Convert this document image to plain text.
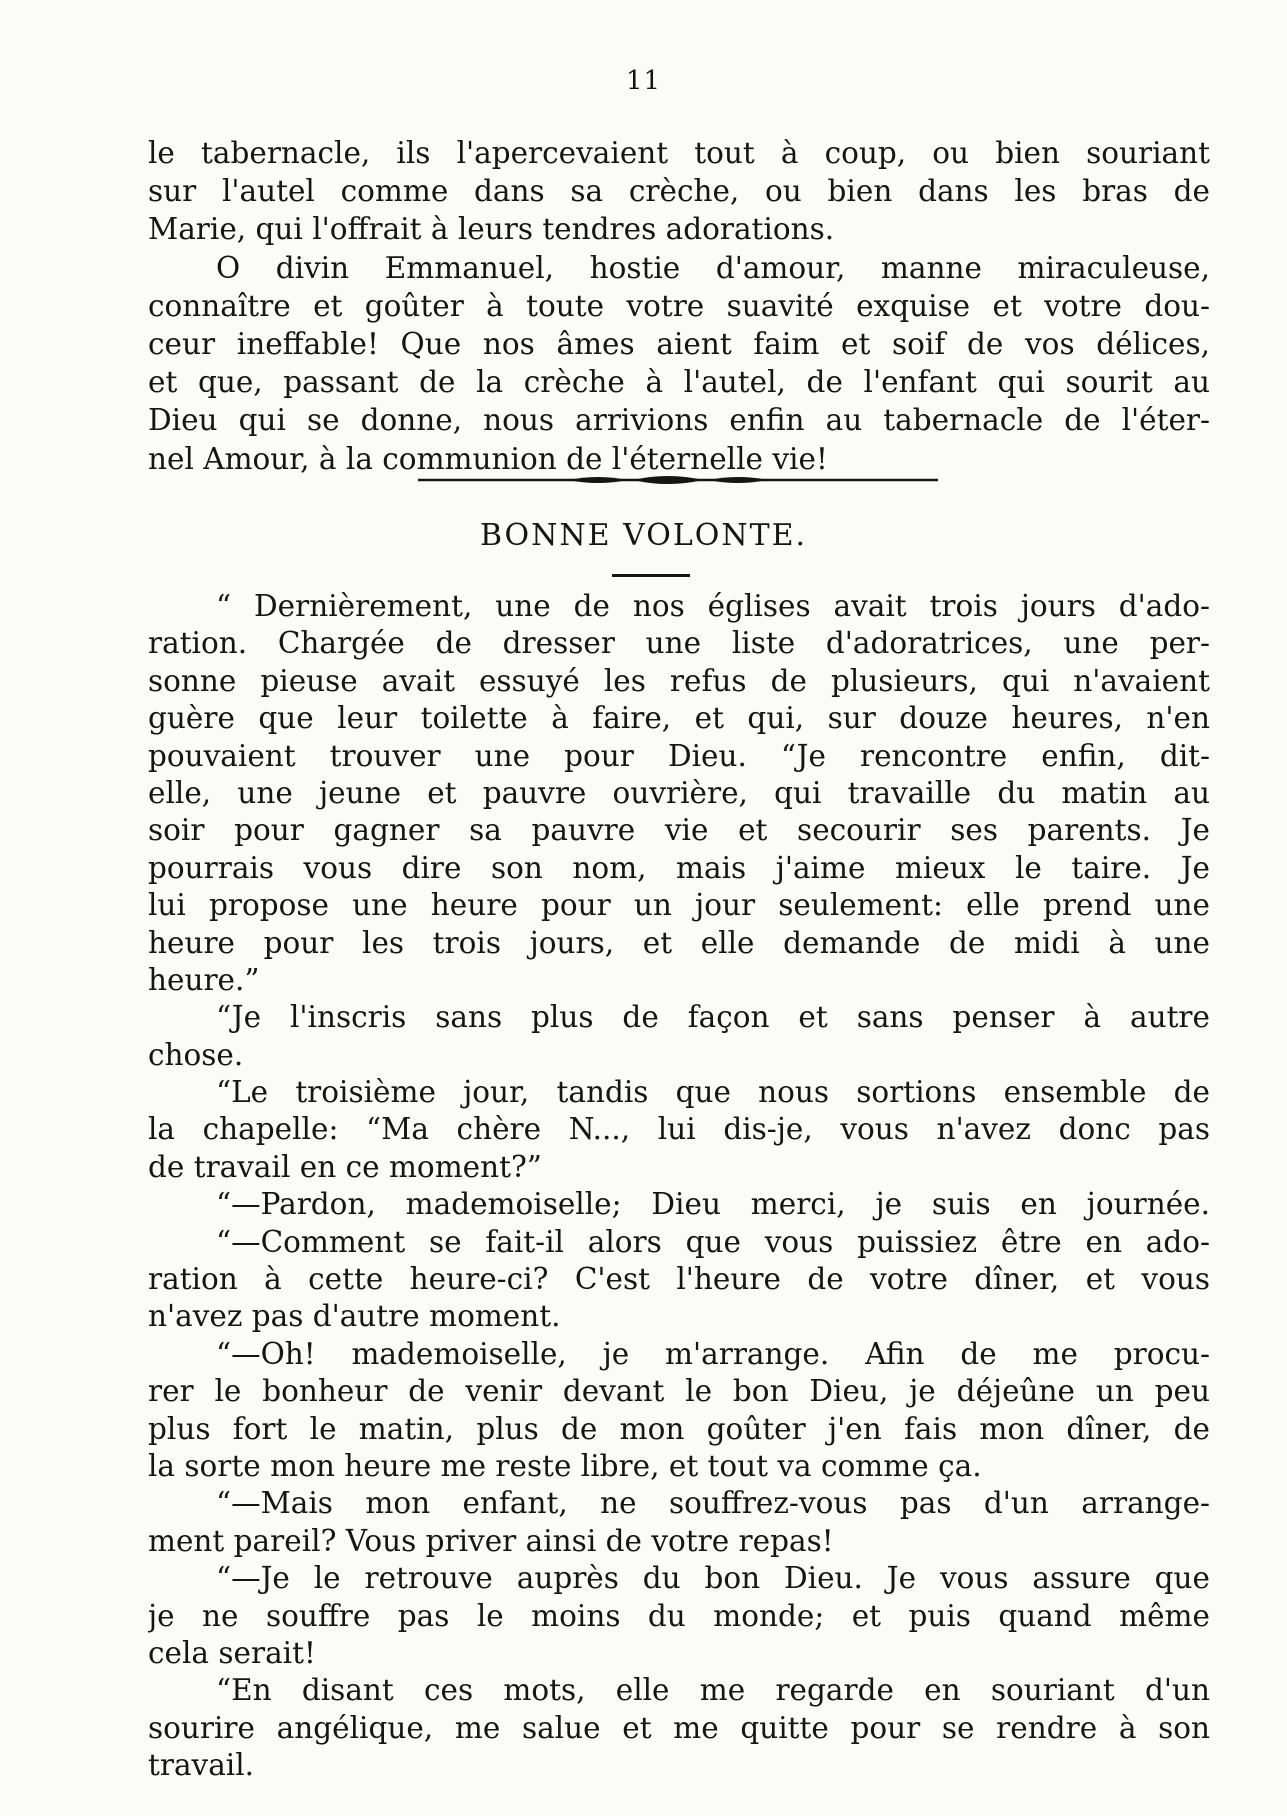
11
le tabernacle, ils l'apercevaient tout à coup, ou bien souriant
sur l'autel comme dans sa crèche, ou bien dans les bras de
Marie, qui l'offrait à leurs tendres adorations.
O divin Emmanuel, hostie d'amour, manne miraculeuse,
connaître et goûter à toute votre suavité exquise et votre dou-
ceur ineffable! Que nos âmes aient faim et soif de vos délices,
et que, passant de la crèche à l'autel, de l'enfant qui sourit au
Dieu qui se donne, nous arrivions enfin au tabernacle de l'éter-
nel Amour, à la communion de l'éternelle vie!
BONNE VOLONTE.
“ Dernièrement, une de nos églises avait trois jours d'ado-
ration. Chargée de dresser une liste d'adoratrices, une per-
sonne pieuse avait essuyé les refus de plusieurs, qui n'avaient
guère que leur toilette à faire, et qui, sur douze heures, n'en
pouvaient trouver une pour Dieu. “Je rencontre enfin, dit-
elle, une jeune et pauvre ouvrière, qui travaille du matin au
soir pour gagner sa pauvre vie et secourir ses parents. Je
pourrais vous dire son nom, mais j'aime mieux le taire. Je
lui propose une heure pour un jour seulement: elle prend une
heure pour les trois jours, et elle demande de midi à une
heure.”
“Je l'inscris sans plus de façon et sans penser à autre
chose.
“Le troisième jour, tandis que nous sortions ensemble de
la chapelle: “Ma chère N..., lui dis-je, vous n'avez donc pas
de travail en ce moment?”
“—Pardon, mademoiselle; Dieu merci, je suis en journée.
“—Comment se fait-il alors que vous puissiez être en ado-
ration à cette heure-ci? C'est l'heure de votre dîner, et vous
n'avez pas d'autre moment.
“—Oh! mademoiselle, je m'arrange. Afin de me procu-
rer le bonheur de venir devant le bon Dieu, je déjeûne un peu
plus fort le matin, plus de mon goûter j'en fais mon dîner, de
la sorte mon heure me reste libre, et tout va comme ça.
“—Mais mon enfant, ne souffrez-vous pas d'un arrange-
ment pareil? Vous priver ainsi de votre repas!
“—Je le retrouve auprès du bon Dieu. Je vous assure que
je ne souffre pas le moins du monde; et puis quand même
cela serait!
“En disant ces mots, elle me regarde en souriant d'un
sourire angélique, me salue et me quitte pour se rendre à son
travail.
